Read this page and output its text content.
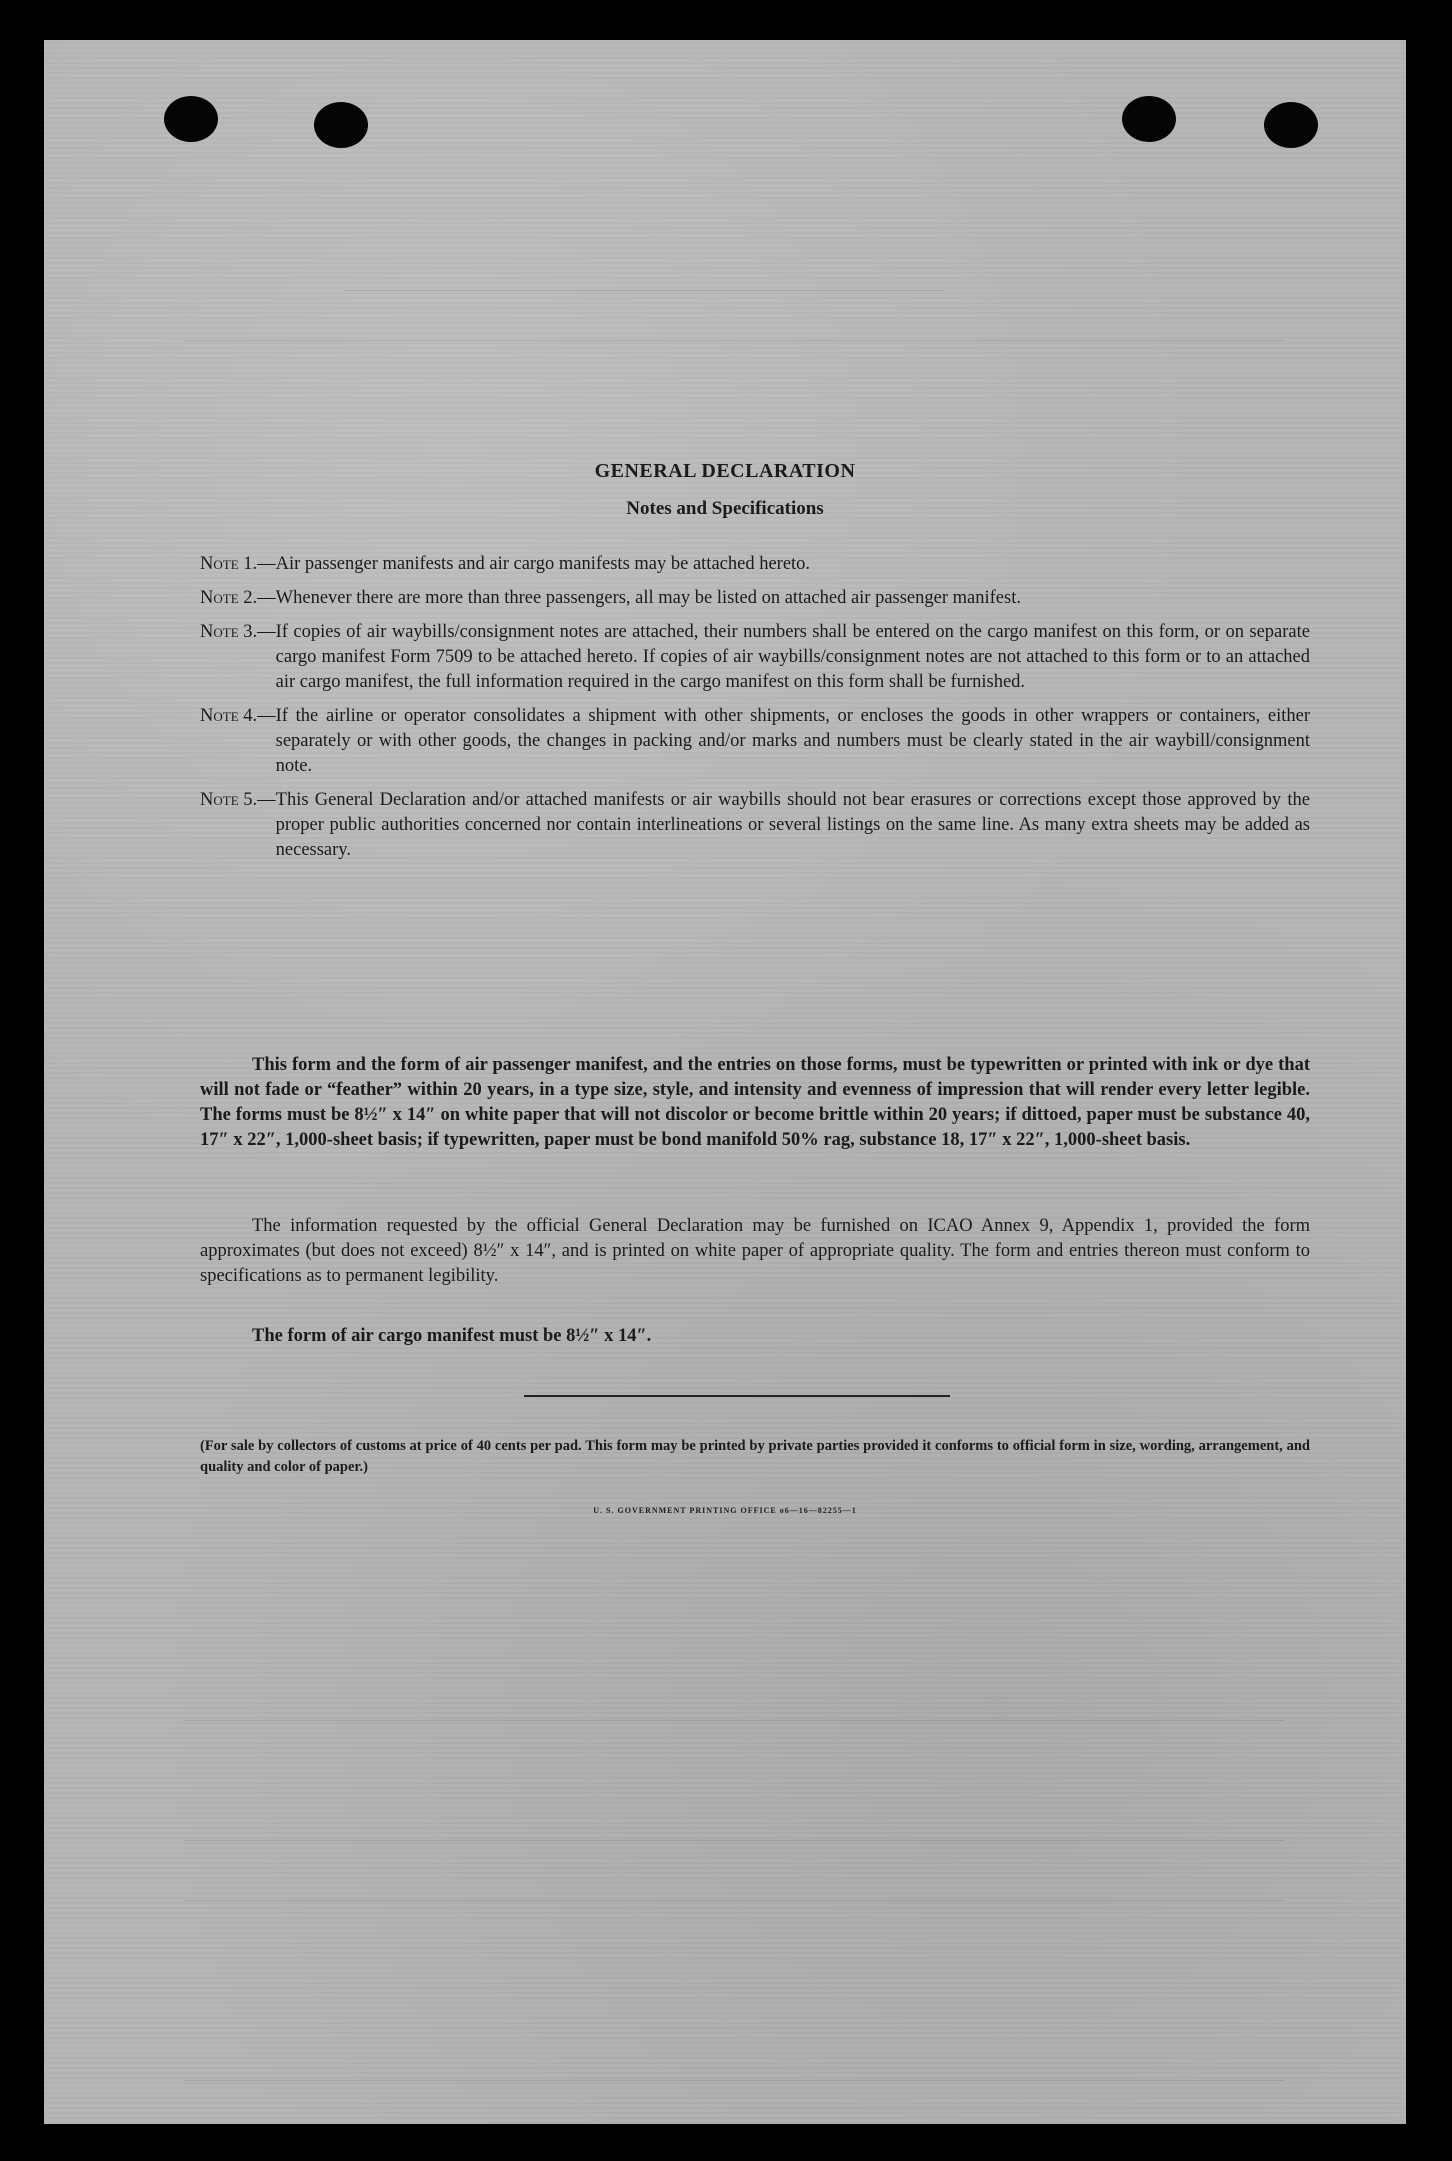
GENERAL DECLARATION
Notes and Specifications
Note 1.— Air passenger manifests and air cargo manifests may be attached hereto.
Note 2.— Whenever there are more than three passengers, all may be listed on attached air passenger manifest.
Note 3.— If copies of air waybills/consignment notes are attached, their numbers shall be entered on the cargo manifest on this form, or on separate cargo manifest Form 7509 to be attached hereto. If copies of air waybills/consignment notes are not attached to this form or to an attached air cargo manifest, the full information required in the cargo manifest on this form shall be furnished.
Note 4.— If the airline or operator consolidates a shipment with other shipments, or encloses the goods in other wrappers or containers, either separately or with other goods, the changes in packing and/or marks and numbers must be clearly stated in the air waybill/consignment note.
Note 5.— This General Declaration and/or attached manifests or air waybills should not bear erasures or corrections except those approved by the proper public authorities concerned nor contain interlineations or several listings on the same line. As many extra sheets may be added as necessary.
This form and the form of air passenger manifest, and the entries on those forms, must be typewritten or printed with ink or dye that will not fade or “feather” within 20 years, in a type size, style, and intensity and evenness of impression that will render every letter legible. The forms must be 8½″ x 14″ on white paper that will not discolor or become brittle within 20 years; if dittoed, paper must be substance 40, 17″ x 22″, 1,000-sheet basis; if typewritten, paper must be bond manifold 50% rag, substance 18, 17″ x 22″, 1,000-sheet basis.
The information requested by the official General Declaration may be furnished on ICAO Annex 9, Appendix 1, provided the form approximates (but does not exceed) 8½″ x 14″, and is printed on white paper of appropriate quality. The form and entries thereon must conform to specifications as to permanent legibility.
The form of air cargo manifest must be 8½″ x 14″.
(For sale by collectors of customs at price of 40 cents per pad. This form may be printed by private parties provided it conforms to official form in size, wording, arrangement, and quality and color of paper.)
U. S. GOVERNMENT PRINTING OFFICE o6—16—82255—1
